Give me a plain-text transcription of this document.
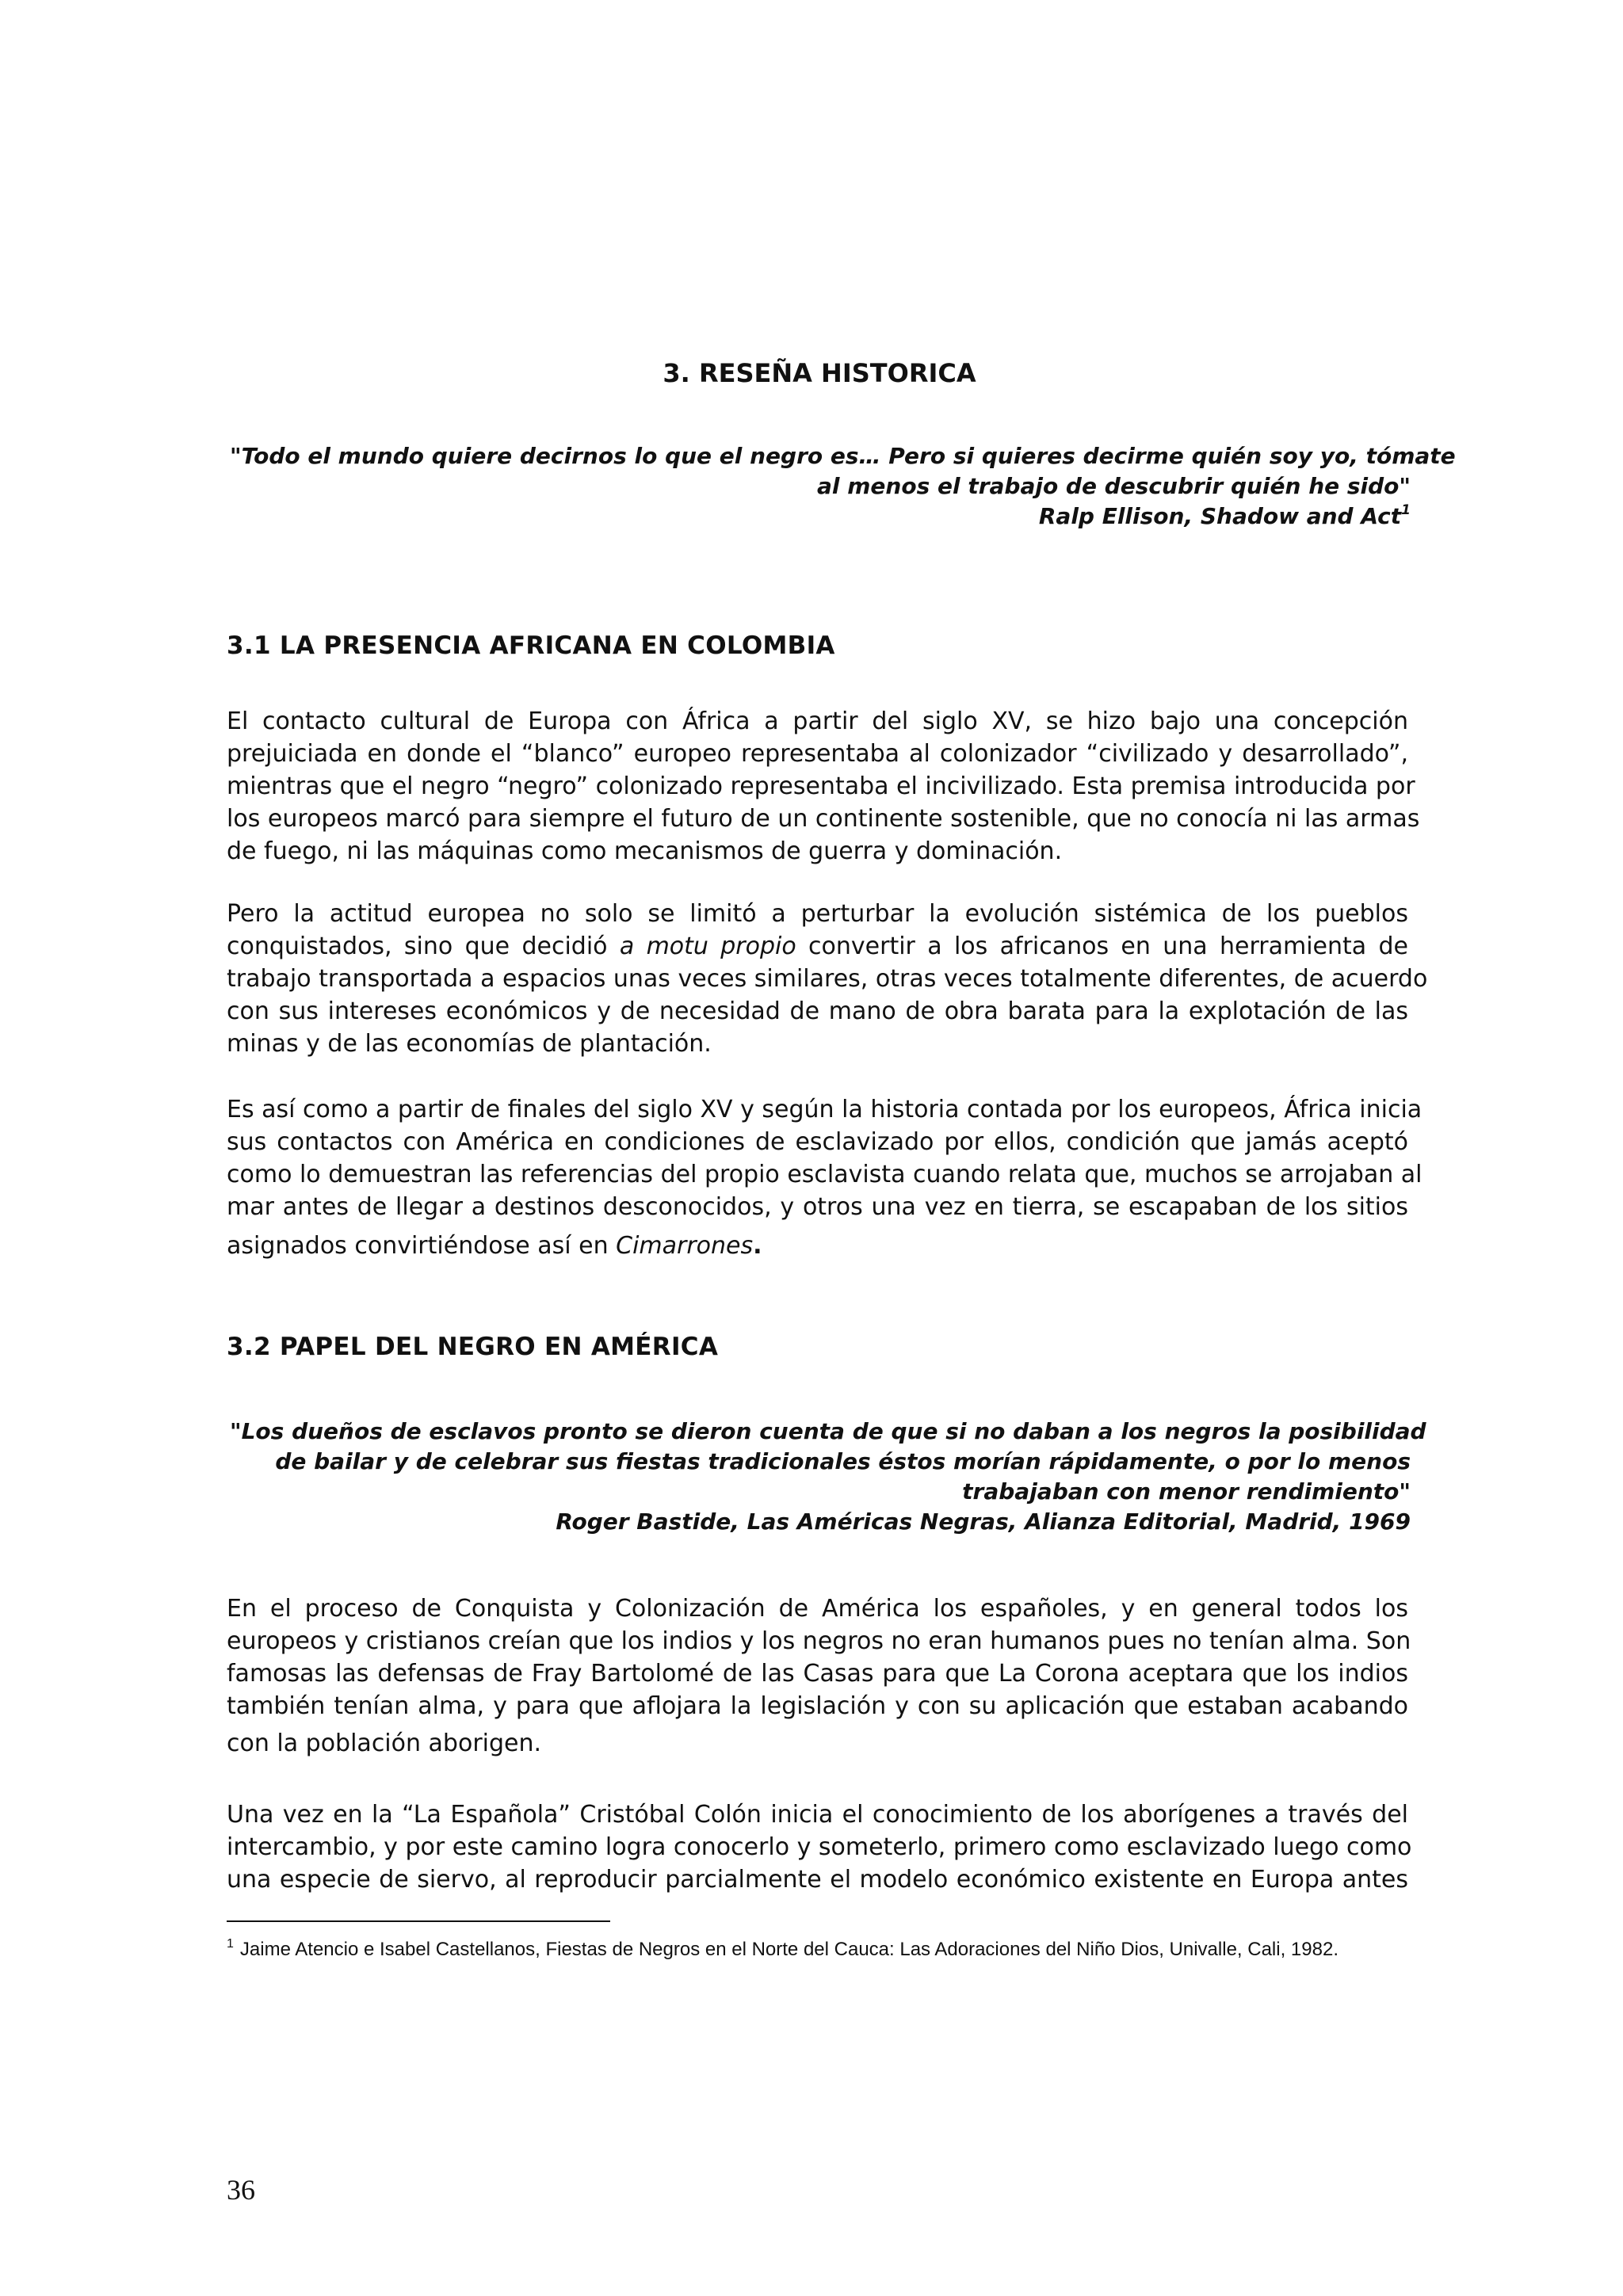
3. RESEÑA HISTORICA
"Todo el mundo quiere decirnos lo que el negro es… Pero si quieres decirme quién soy yo, tómate
al menos el trabajo de descubrir quién he sido"
Ralp Ellison, Shadow and Act$^1$
3.1 LA PRESENCIA AFRICANA EN COLOMBIA
El contacto cultural de Europa con África a partir del siglo XV, se hizo bajo una concepción
prejuiciada en donde el “blanco” europeo representaba al colonizador “civilizado y desarrollado”,
mientras que el negro “negro” colonizado representaba el incivilizado. Esta premisa introducida por
los europeos marcó para siempre el futuro de un continente sostenible, que no conocía ni las armas
de fuego, ni las máquinas como mecanismos de guerra y dominación.
Pero la actitud europea no solo se limitó a perturbar la evolución sistémica de los pueblos
conquistados, sino que decidió a motu propio convertir a los africanos en una herramienta de
trabajo transportada a espacios unas veces similares, otras veces totalmente diferentes, de acuerdo
con sus intereses económicos y de necesidad de mano de obra barata para la explotación de las
minas y de las economías de plantación.
Es así como a partir de finales del siglo XV y según la historia contada por los europeos, África inicia
sus contactos con América en condiciones de esclavizado por ellos, condición que jamás aceptó
como lo demuestran las referencias del propio esclavista cuando relata que, muchos se arrojaban al
mar antes de llegar a destinos desconocidos, y otros una vez en tierra, se escapaban de los sitios
asignados convirtiéndose así en Cimarrones.
3.2 PAPEL DEL NEGRO EN AMÉRICA
"Los dueños de esclavos pronto se dieron cuenta de que si no daban a los negros la posibilidad
de bailar y de celebrar sus fiestas tradicionales éstos morían rápidamente, o por lo menos
trabajaban con menor rendimiento"
Roger Bastide, Las Américas Negras, Alianza Editorial, Madrid, 1969
En el proceso de Conquista y Colonización de América los españoles, y en general todos los
europeos y cristianos creían que los indios y los negros no eran humanos pues no tenían alma. Son
famosas las defensas de Fray Bartolomé de las Casas para que La Corona aceptara que los indios
también tenían alma, y para que aflojara la legislación y con su aplicación que estaban acabando
con la población aborigen.
Una vez en la “La Española” Cristóbal Colón inicia el conocimiento de los aborígenes a través del
intercambio, y por este camino logra conocerlo y someterlo, primero como esclavizado luego como
una especie de siervo, al reproducir parcialmente el modelo económico existente en Europa antes
$^1$ Jaime Atencio e Isabel Castellanos, Fiestas de Negros en el Norte del Cauca: Las Adoraciones del Niño Dios, Univalle, Cali, 1982.
36
